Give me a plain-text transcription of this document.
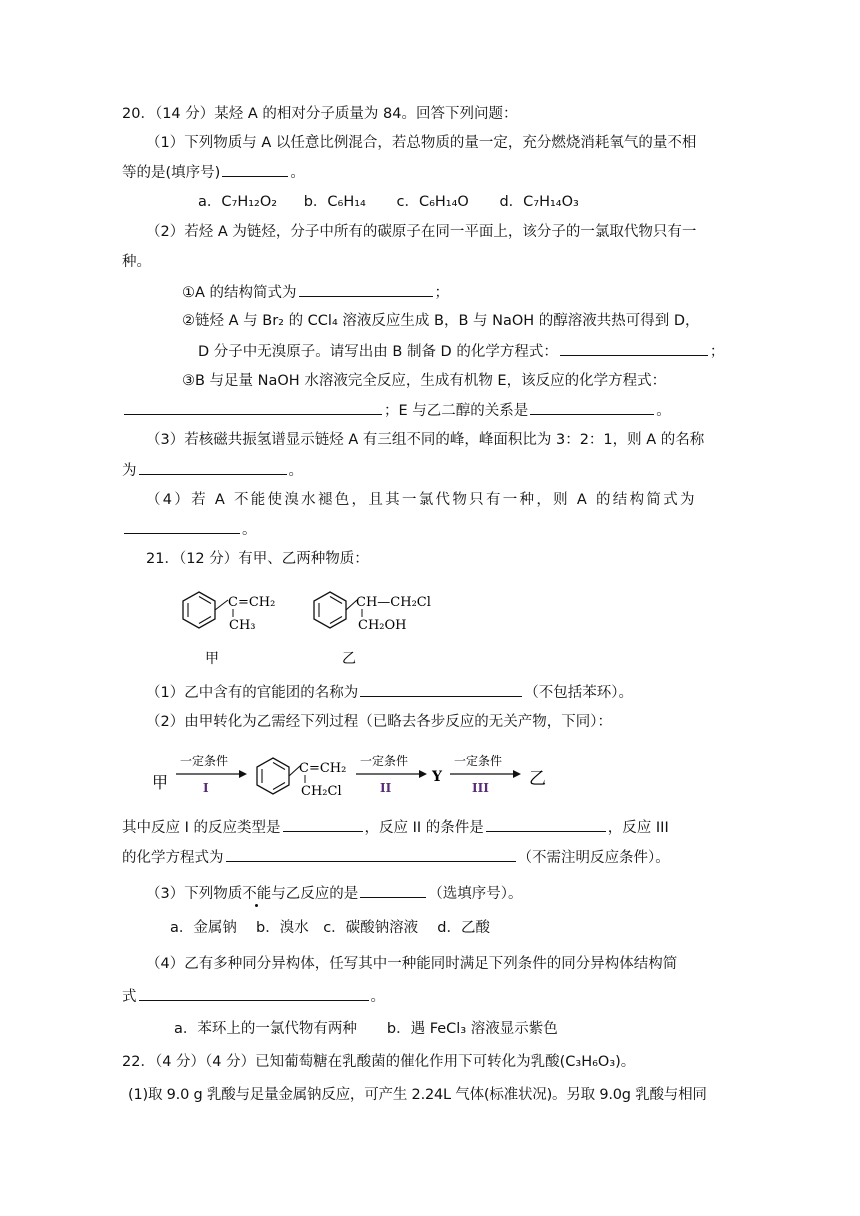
20．（14 分）某烃 A 的相对分子质量为 84。回答下列问题：
（1）下列物质与 A 以任意比例混合，若总物质的量一定，充分燃烧消耗氧气的量不相
等的是(填序号)	。
a．C₇H₁₂O₂ b．C₆H₁₄ c．C₆H₁₄O d．C₇H₁₄O₃
（2）若烃 A 为链烃，分子中所有的碳原子在同一平面上，该分子的一氯取代物只有一
种。
①A 的结构简式为	；
②链烃 A 与 Br₂ 的 CCl₄ 溶液反应生成 B，B 与 NaOH 的醇溶液共热可得到 D，
D 分子中无溴原子。请写出由 B 制备 D 的化学方程式：	；
③B 与足量 NaOH 水溶液完全反应，生成有机物 E，该反应的化学方程式：
；E 与乙二醇的关系是	。
（3）若核磁共振氢谱显示链烃 A 有三组不同的峰，峰面积比为 3：2：1，则 A 的名称
为	。
（4）若 A 不能使溴水褪色，且其一氯代物只有一种，则 A 的结构简式为
。
21．（12 分）有甲、乙两种物质：
C=CH₂
CH₃
CH—CH₂Cl
CH₂OH
甲	乙
（1）乙中含有的官能团的名称为	（不包括苯环）。
（2）由甲转化为乙需经下列过程（已略去各步反应的无关产物，下同）：
甲
一定条件
I
C=CH₂
CH₂Cl
一定条件
II
Y
一定条件
III 乙
其中反应 I 的反应类型是	，反应 II 的条件是	，反应 III
的化学方程式为	（不需注明反应条件）。
（3）下列物质不能与乙反应的是	（选填序号）。
a．金属钠　 b．溴水　c．碳酸钠溶液　 d．乙酸
（4）乙有多种同分异构体，任写其中一种能同时满足下列条件的同分异构体结构简
式	。
a．苯环上的一氯代物有两种 b．遇 FeCl₃ 溶液显示紫色
22．（4 分）（4 分）已知葡萄糖在乳酸菌的催化作用下可转化为乳酸(C₃H₆O₃)。
(1)取 9.0 g 乳酸与足量金属钠反应，可产生 2.24L 气体(标准状况)。另取 9.0g 乳酸与相同
